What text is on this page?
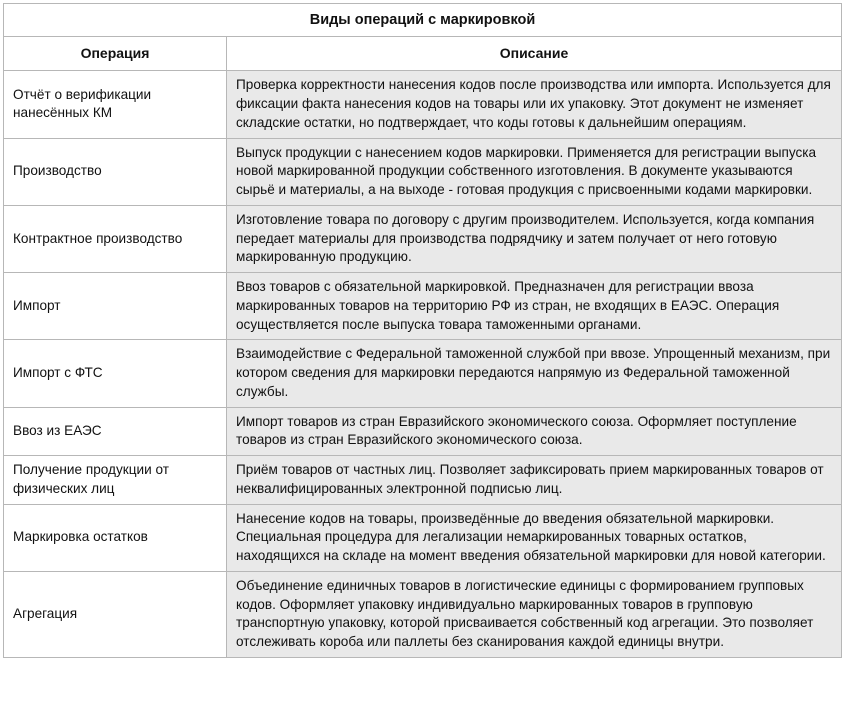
Виды операций с маркировкой	
Операция	Описание
Отчёт о верификации нанесённых КМ	Проверка корректности нанесения кодов после производства или импорта. Используется для фиксации факта нанесения кодов на товары или их упаковку. Этот документ не изменяет складские остатки, но подтверждает, что коды готовы к дальнейшим операциям.
Производство	Выпуск продукции с нанесением кодов маркировки. Применяется для регистрации выпуска новой маркированной продукции собственного изготовления. В документе указываются сырьё и материалы, а на выходе - готовая продукция с присвоенными кодами маркировки.
Контрактное производство	Изготовление товара по договору с другим производителем. Используется, когда компания передает материалы для производства подрядчику и затем получает от него готовую маркированную продукцию.
Импорт	Ввоз товаров с обязательной маркировкой. Предназначен для регистрации ввоза маркированных товаров на территорию РФ из стран, не входящих в ЕАЭС. Операция осуществляется после выпуска товара таможенными органами.
Импорт с ФТС	Взаимодействие с Федеральной таможенной службой при ввозе. Упрощенный механизм, при котором сведения для маркировки передаются напрямую из Федеральной таможенной службы.
Ввоз из ЕАЭС	Импорт товаров из стран Евразийского экономического союза. Оформляет поступление товаров из стран Евразийского экономического союза.
Получение продукции от физических лиц	Приём товаров от частных лиц. Позволяет зафиксировать прием маркированных товаров от неквалифицированных электронной подписью лиц.
Маркировка остатков	Нанесение кодов на товары, произведённые до введения обязательной маркировки. Специальная процедура для легализации немаркированных товарных остатков, находящихся на складе на момент введения обязательной маркировки для новой категории.
Агрегация	Объединение единичных товаров в логистические единицы с формированием групповых кодов. Оформляет упаковку индивидуально маркированных товаров в групповую транспортную упаковку, которой присваивается собственный код агрегации. Это позволяет отслеживать короба или паллеты без сканирования каждой единицы внутри.
